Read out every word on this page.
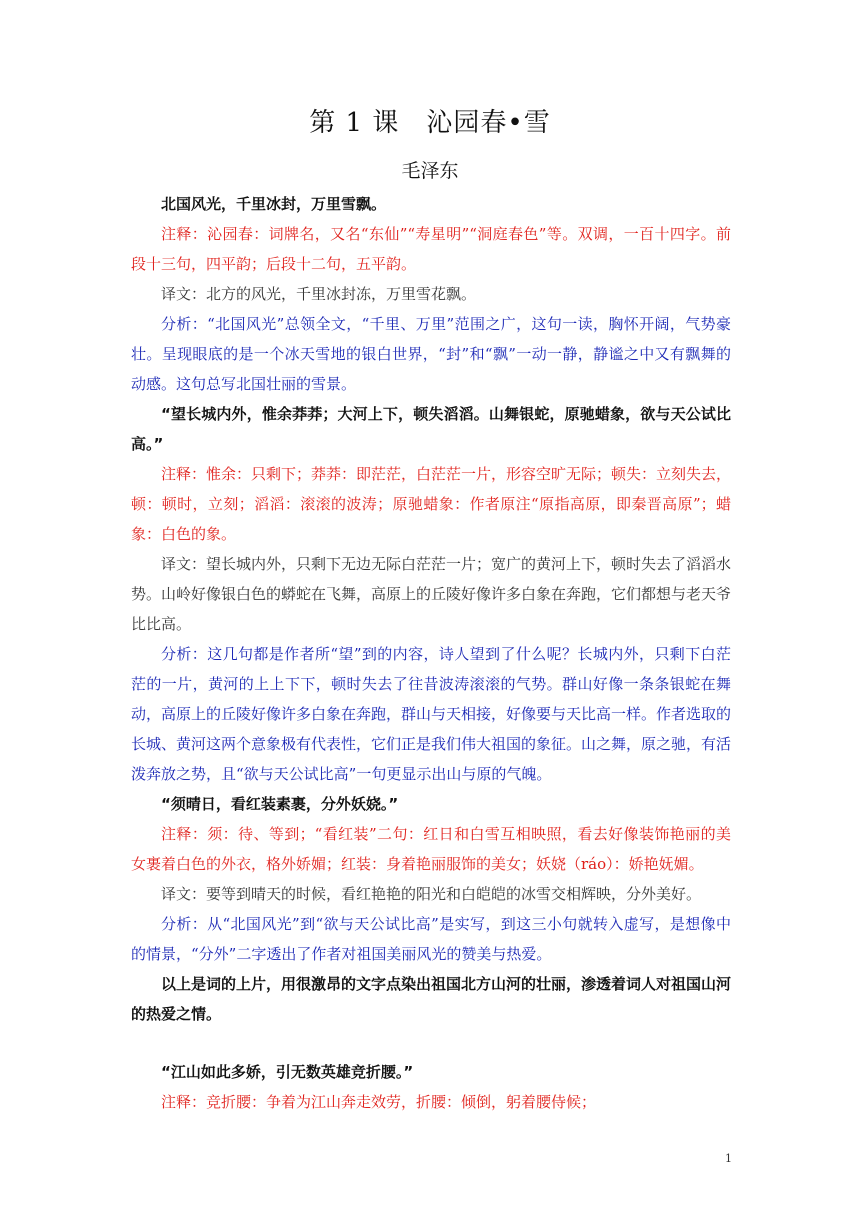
第 1 课　沁园春•雪
毛泽东

北国风光，千里冰封，万里雪飘。

注释：沁园春：词牌名，又名“东仙”“寿星明”“洞庭春色”等。双调，一百十四字。前段十三句，四平韵；后段十二句，五平韵。

译文：北方的风光，千里冰封冻，万里雪花飘。

分析：“北国风光”总领全文，“千里、万里”范围之广，这句一读，胸怀开阔，气势豪壮。呈现眼底的是一个冰天雪地的银白世界，“封”和“飘”一动一静，静谧之中又有飘舞的动感。这句总写北国壮丽的雪景。

“望长城内外，惟余莽莽；大河上下，顿失滔滔。山舞银蛇，原驰蜡象，欲与天公试比高。”

注释：惟余：只剩下；莽莽：即茫茫，白茫茫一片，形容空旷无际；顿失：立刻失去，顿：顿时，立刻；滔滔：滚滚的波涛；原驰蜡象：作者原注“原指高原，即秦晋高原”；蜡象：白色的象。

译文：望长城内外，只剩下无边无际白茫茫一片；宽广的黄河上下，顿时失去了滔滔水势。山岭好像银白色的蟒蛇在飞舞，高原上的丘陵好像许多白象在奔跑，它们都想与老天爷比比高。

分析：这几句都是作者所“望”到的内容，诗人望到了什么呢？长城内外，只剩下白茫茫的一片，黄河的上上下下，顿时失去了往昔波涛滚滚的气势。群山好像一条条银蛇在舞动，高原上的丘陵好像许多白象在奔跑，群山与天相接，好像要与天比高一样。作者选取的长城、黄河这两个意象极有代表性，它们正是我们伟大祖国的象征。山之舞，原之驰，有活泼奔放之势，且“欲与天公试比高”一句更显示出山与原的气魄。

“须晴日，看红装素裹，分外妖娆。”

注释：须：待、等到；“看红装”二句：红日和白雪互相映照，看去好像装饰艳丽的美女裹着白色的外衣，格外娇媚；红装：身着艳丽服饰的美女；妖娆（ráo）：娇艳妩媚。

译文：要等到晴天的时候，看红艳艳的阳光和白皑皑的冰雪交相辉映，分外美好。

分析：从“北国风光”到“欲与天公试比高”是实写，到这三小句就转入虚写，是想像中的情景，“分外”二字透出了作者对祖国美丽风光的赞美与热爱。

以上是词的上片，用很激昂的文字点染出祖国北方山河的壮丽，渗透着词人对祖国山河的热爱之情。

“江山如此多娇，引无数英雄竞折腰。”

注释：竞折腰：争着为江山奔走效劳，折腰：倾倒，躬着腰侍候；

1
